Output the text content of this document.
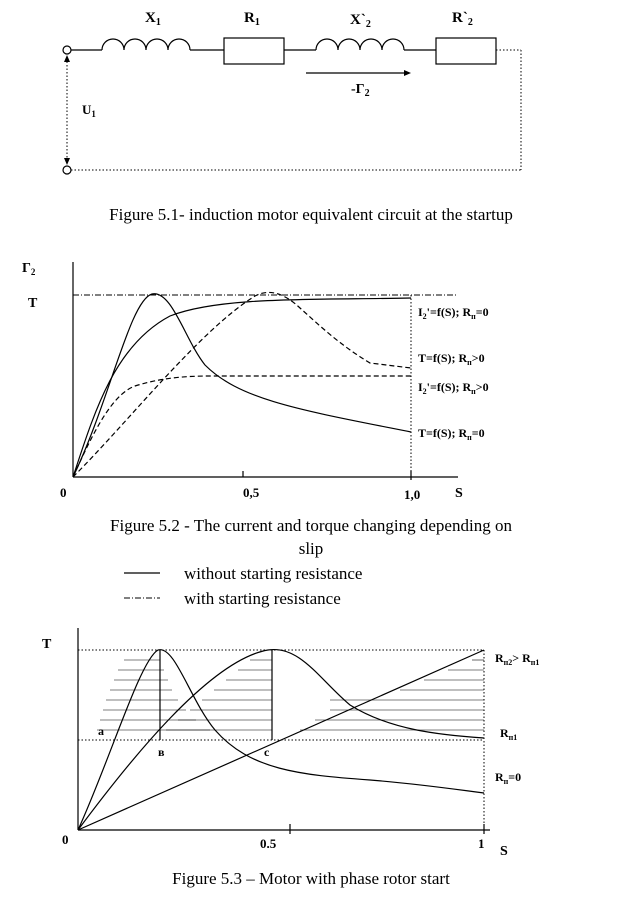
$X_1$	$R_1$	$X`_2$	$R`_2$
$-Г_2$
$U_1$
Figure 5.1- induction motor equivalent circuit at the startup
$Г_2$
T
S
0	0,5	1,0
$I_2'=f(S)$; $R_п=0$
T=f(S); $R_п>0$
$I_2'=f(S)$; $R_п>0$
T=f(S); $R_п=0$
Figure 5.2 - The current and torque changing depending on
slip
without starting resistance
with starting resistance
T
S
0	0.5	1
a
в	c
$R_{п2}> R_{п1}$
$R_{п1}$
$R_п=0$
Figure 5.3 – Motor with phase rotor start
